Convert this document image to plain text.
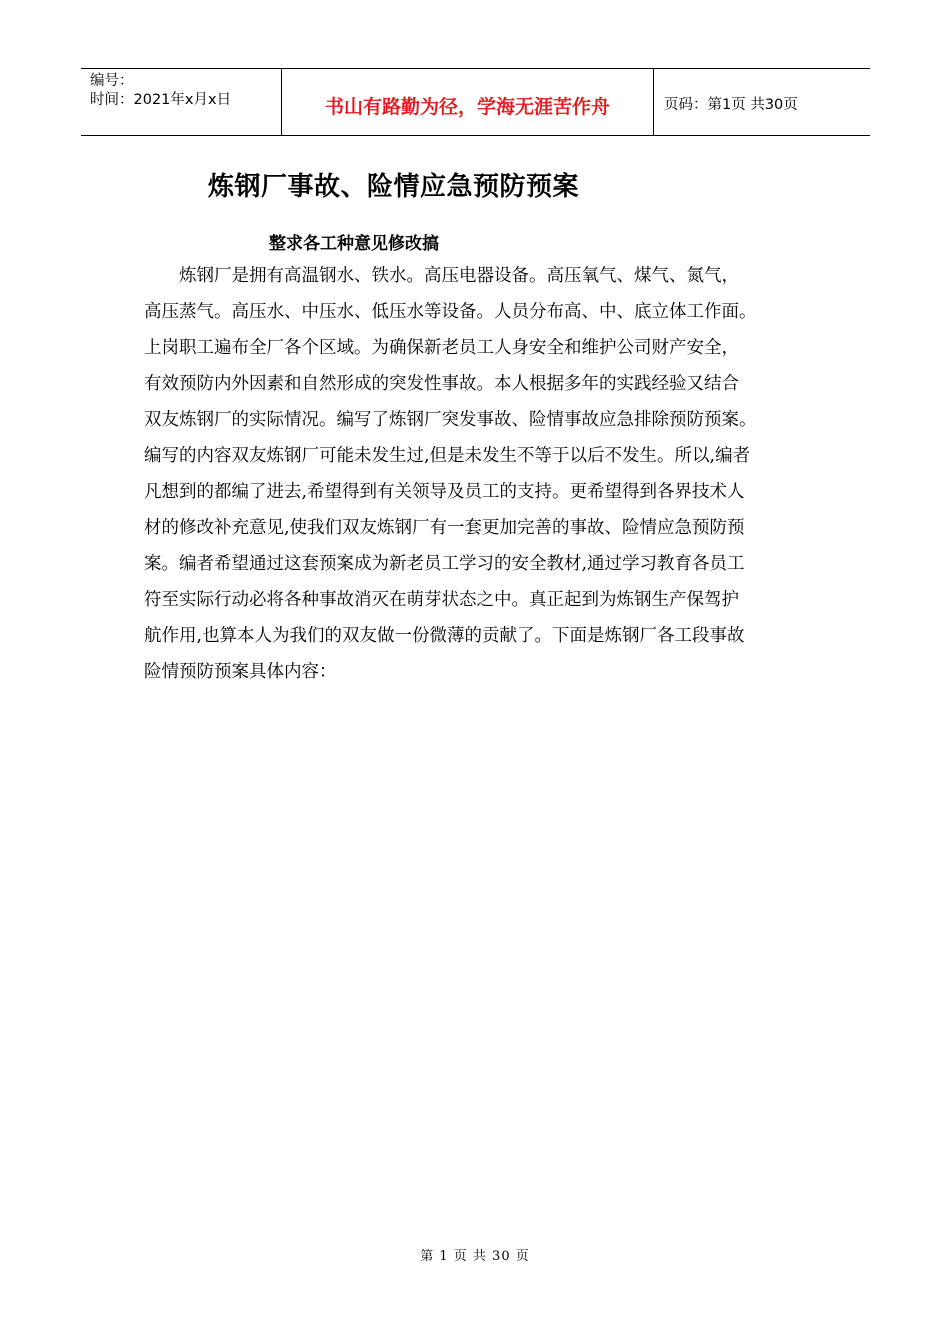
编号：
时间：2021年x月x日	书山有路勤为径，学海无涯苦作舟	页码：第1页 共30页
炼钢厂事故、险情应急预防预案
整求各工种意见修改搞
炼钢厂是拥有高温钢水、铁水。高压电器设备。高压氧气、煤气、氮气，
高压蒸气。高压水、中压水、低压水等设备。人员分布高、中、底立体工作面。
上岗职工遍布全厂各个区域。为确保新老员工人身安全和维护公司财产安全，
有效预防内外因素和自然形成的突发性事故。本人根据多年的实践经验又结合
双友炼钢厂的实际情况。编写了炼钢厂突发事故、险情事故应急排除预防预案。
编写的内容双友炼钢厂可能未发生过,但是未发生不等于以后不发生。所以,编者
凡想到的都编了进去,希望得到有关领导及员工的支持。更希望得到各界技术人
材的修改补充意见,使我们双友炼钢厂有一套更加完善的事故、险情应急预防预
案。编者希望通过这套预案成为新老员工学习的安全教材,通过学习教育各员工
符至实际行动必将各种事故消灭在萌芽状态之中。真正起到为炼钢生产保驾护
航作用,也算本人为我们的双友做一份微薄的贡献了。下面是炼钢厂各工段事故
险情预防预案具体内容：
第 1 页 共 30 页
